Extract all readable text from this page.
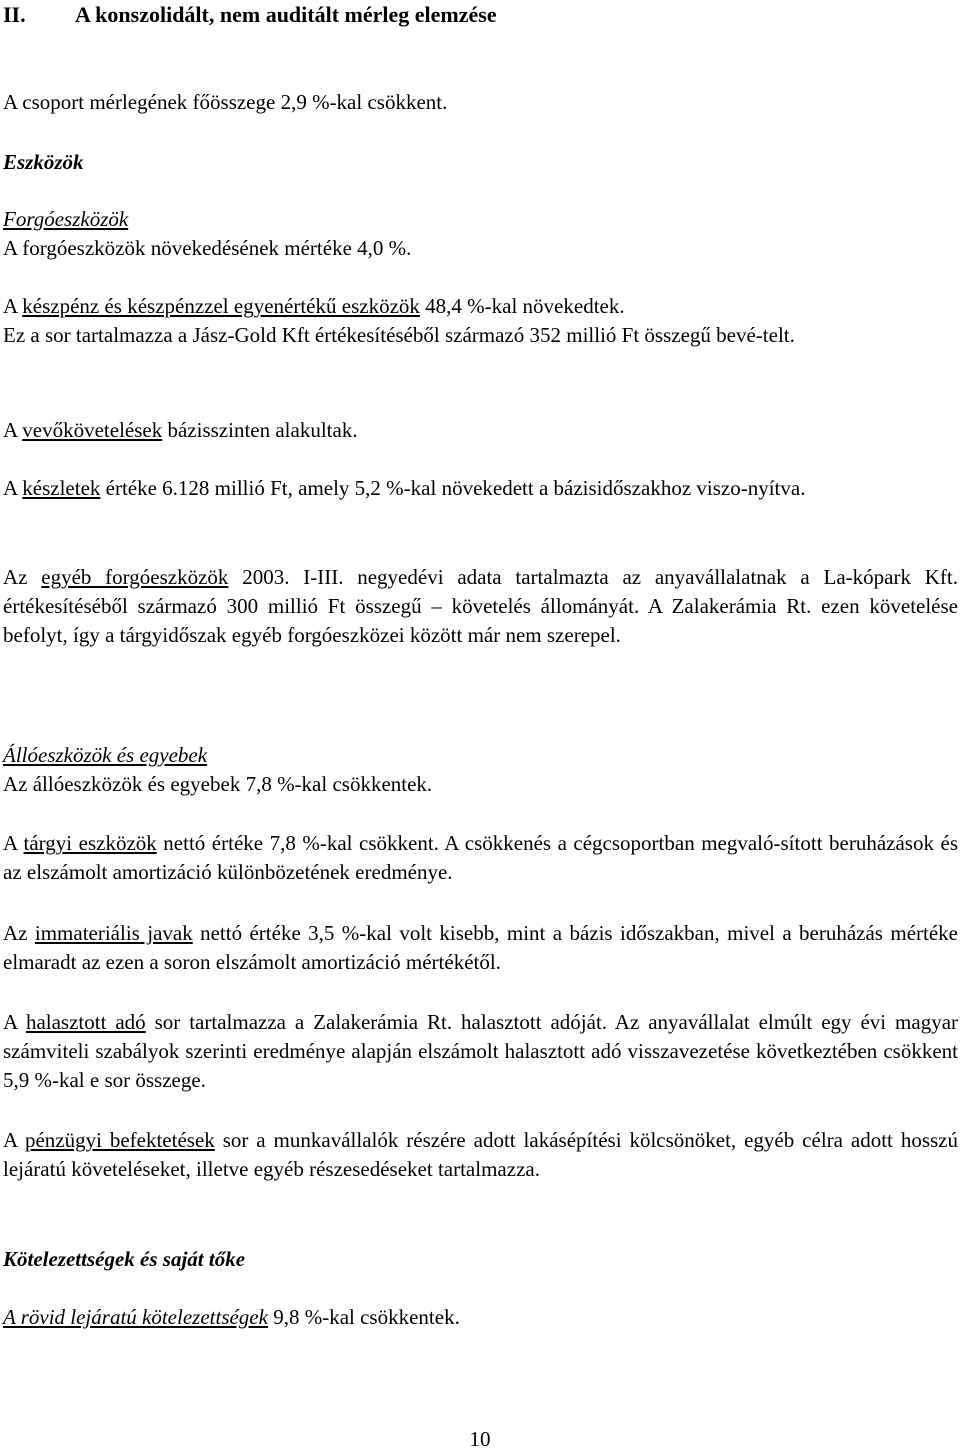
II. A konszolidált, nem auditált mérleg elemzése

A csoport mérlegének főösszege 2,9 %-kal csökkent.

Eszközök

Forgóeszközök

A forgóeszközök növekedésének mértéke 4,0 %.

A készpénz és készpénzzel egyenértékű eszközök 48,4 %-kal növekedtek.

Ez a sor tartalmazza a Jász-Gold Kft értékesítéséből származó 352 millió Ft összegű bevé-telt.

A vevőkövetelések bázisszinten alakultak.

A készletek értéke 6.128 millió Ft, amely 5,2 %-kal növekedett a bázisidőszakhoz viszo-nyítva.

Az egyéb forgóeszközök 2003. I-III. negyedévi adata tartalmazta az anyavállalatnak a La-kópark Kft. értékesítéséből származó 300 millió Ft összegű – követelés állományát. A Zalakerámia Rt. ezen követelése befolyt, így a tárgyidőszak egyéb forgóeszközei között már nem szerepel.

Állóeszközök és egyebek

Az állóeszközök és egyebek 7,8 %-kal csökkentek.

A tárgyi eszközök nettó értéke 7,8 %-kal csökkent. A csökkenés a cégcsoportban megvaló-sított beruházások és az elszámolt amortizáció különbözetének eredménye.

Az immateriális javak nettó értéke 3,5 %-kal volt kisebb, mint a bázis időszakban, mivel a beruházás mértéke elmaradt az ezen a soron elszámolt amortizáció mértékétől.

A halasztott adó sor tartalmazza a Zalakerámia Rt. halasztott adóját. Az anyavállalat elmúlt egy évi magyar számviteli szabályok szerinti eredménye alapján elszámolt halasztott adó visszavezetése következtében csökkent 5,9 %-kal e sor összege.

A pénzügyi befektetések sor a munkavállalók részére adott lakásépítési kölcsönöket, egyéb célra adott hosszú lejáratú követeléseket, illetve egyéb részesedéseket tartalmazza.

Kötelezettségek és saját tőke

A rövid lejáratú kötelezettségek 9,8 %-kal csökkentek.

10
